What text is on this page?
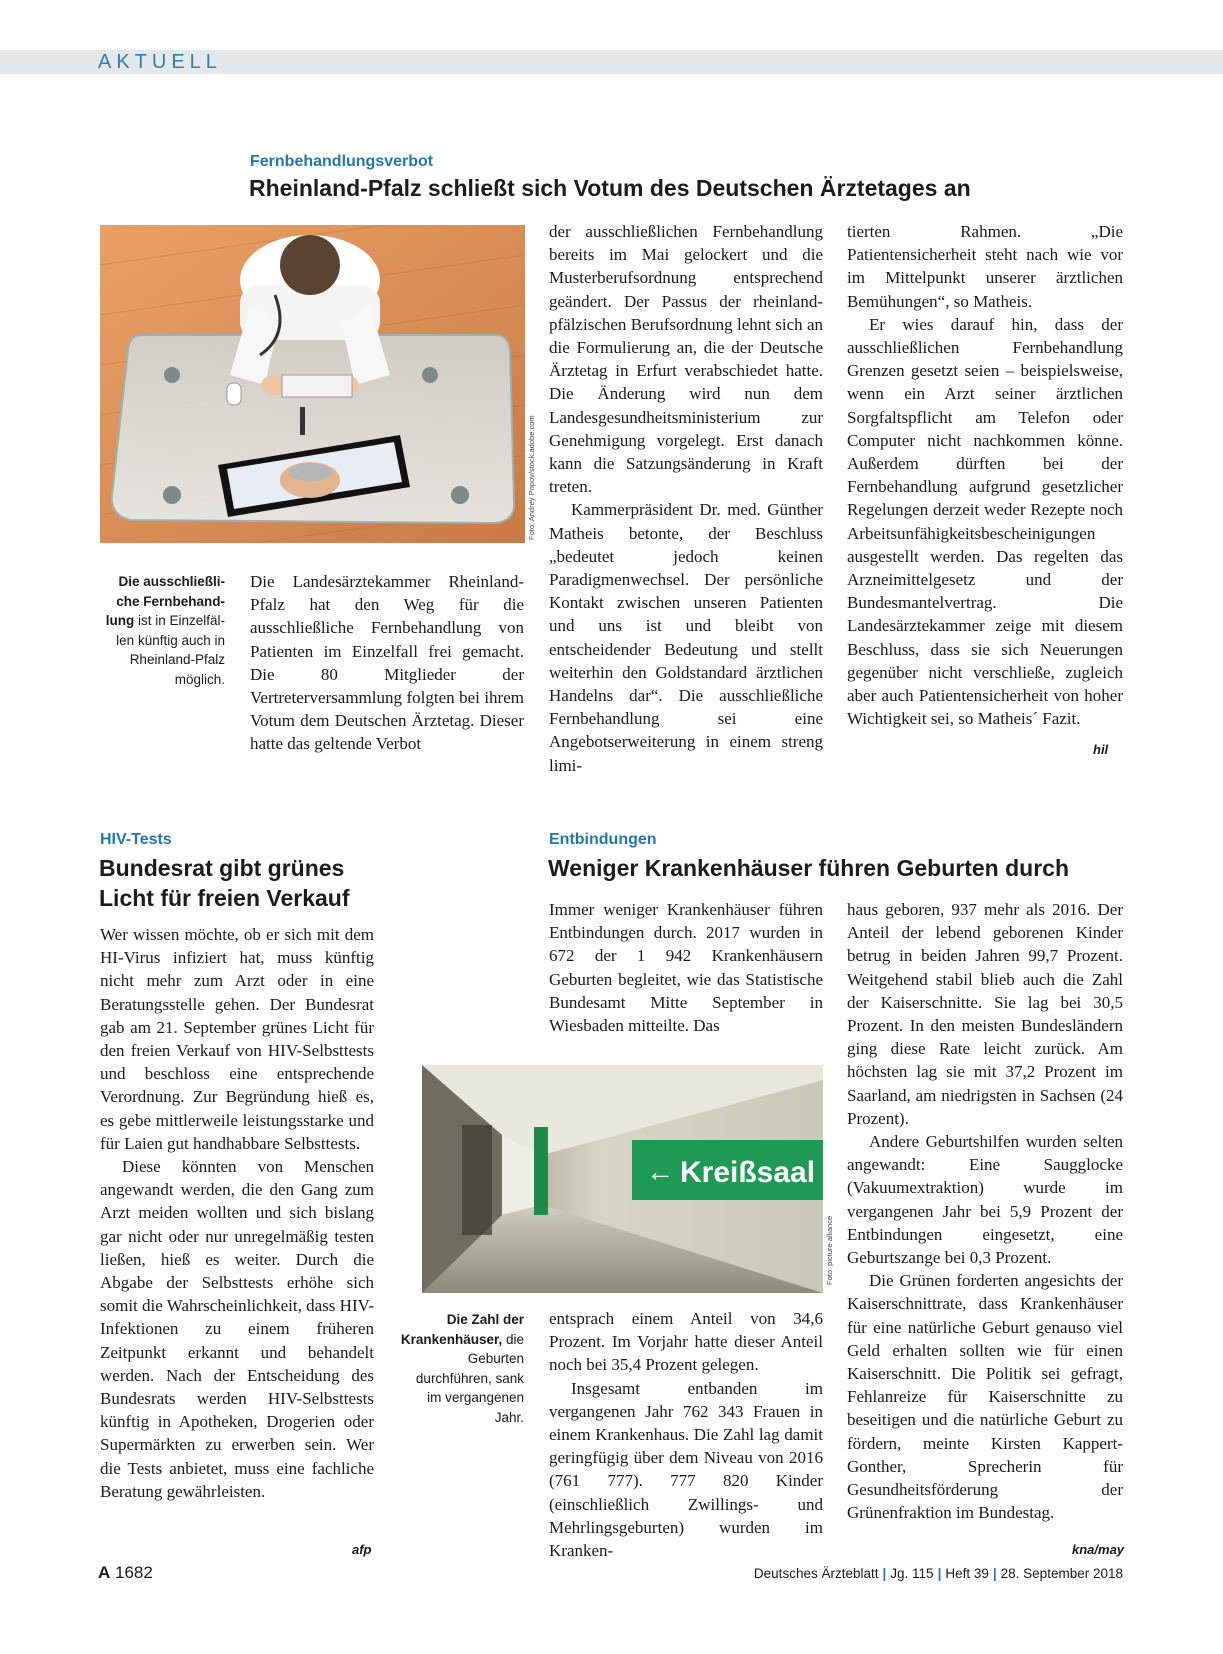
AKTUELL
Fernbehandlungsverbot
Rheinland-Pfalz schließt sich Votum des Deutschen Ärztetages an
Foto: Andrey Popov/stock.adobe.com
Die ausschließli-che Fernbehand-lung ist in Einzelfäl-len künftig auch in Rheinland-Pfalz möglich.

Die Landesärztekammer Rheinland-Pfalz hat den Weg für die ausschließliche Fernbehandlung von Patienten im Einzelfall frei gemacht. Die 80 Mitglieder der Vertreterversammlung folgten bei ihrem Votum dem Deutschen Ärztetag. Dieser hatte das geltende Verbot

der ausschließlichen Fernbehandlung bereits im Mai gelockert und die Musterberufsordnung entsprechend geändert. Der Passus der rheinland-pfälzischen Berufsordnung lehnt sich an die Formulierung an, die der Deutsche Ärztetag in Erfurt verabschiedet hatte. Die Änderung wird nun dem Landesgesundheitsministerium zur Genehmigung vorgelegt. Erst danach kann die Satzungsänderung in Kraft treten.

Kammerpräsident Dr. med. Günther Matheis betonte, der Beschluss „bedeutet jedoch keinen Paradigmenwechsel. Der persönliche Kontakt zwischen unseren Patienten und uns ist und bleibt von entscheidender Bedeutung und stellt weiterhin den Goldstandard ärztlichen Handelns dar“. Die ausschließliche Fernbehandlung sei eine Angebotserweiterung in einem streng limi-

tierten Rahmen. „Die Patientensicherheit steht nach wie vor im Mittelpunkt unserer ärztlichen Bemühungen“, so Matheis.

Er wies darauf hin, dass der ausschließlichen Fernbehandlung Grenzen gesetzt seien – beispielsweise, wenn ein Arzt seiner ärztlichen Sorgfaltspflicht am Telefon oder Computer nicht nachkommen könne. Außerdem dürften bei der Fernbehandlung aufgrund gesetzlicher Regelungen derzeit weder Rezepte noch Arbeitsunfähigkeitsbescheinigungen ausgestellt werden. Das regelten das Arzneimittelgesetz und der Bundesmantelvertrag. Die Landesärztekammer zeige mit diesem Beschluss, dass sie sich Neuerungen gegenüber nicht verschließe, zugleich aber auch Patientensicherheit von hoher Wichtigkeit sei, so Matheis´ Fazit.

hil
HIV-Tests
Bundesrat gibt grünes
Licht für freien Verkauf

Wer wissen möchte, ob er sich mit dem HI-Virus infiziert hat, muss künftig nicht mehr zum Arzt oder in eine Beratungsstelle gehen. Der Bundesrat gab am 21. September grünes Licht für den freien Verkauf von HIV-Selbsttests und beschloss eine entsprechende Verordnung. Zur Begründung hieß es, es gebe mittlerweile leistungsstarke und für Laien gut handhabbare Selbsttests.

Diese könnten von Menschen angewandt werden, die den Gang zum Arzt meiden wollten und sich bislang gar nicht oder nur unregelmäßig testen ließen, hieß es weiter. Durch die Abgabe der Selbsttests erhöhe sich somit die Wahrscheinlichkeit, dass HIV-Infektionen zu einem früheren Zeitpunkt erkannt und behandelt werden. Nach der Entscheidung des Bundesrats werden HIV-Selbsttests künftig in Apotheken, Drogerien oder Supermärkten zu erwerben sein. Wer die Tests anbietet, muss eine fachliche Beratung gewährleisten.

afp
Entbindungen
Weniger Krankenhäuser führen Geburten durch

Immer weniger Krankenhäuser führen Entbindungen durch. 2017 wurden in 672 der 1 942 Krankenhäusern Geburten begleitet, wie das Statistische Bundesamt Mitte September in Wiesbaden mitteilte. Das

← Kreißsaal
Foto: picture alliance
Die Zahl der Krankenhäuser, die Geburten durchführen, sank im vergangenen Jahr.

entsprach einem Anteil von 34,6 Prozent. Im Vorjahr hatte dieser Anteil noch bei 35,4 Prozent gelegen.

Insgesamt entbanden im vergangenen Jahr 762 343 Frauen in einem Krankenhaus. Die Zahl lag damit geringfügig über dem Niveau von 2016 (761 777). 777 820 Kinder (einschließlich Zwillings- und Mehrlingsgeburten) wurden im Kranken-

haus geboren, 937 mehr als 2016. Der Anteil der lebend geborenen Kinder betrug in beiden Jahren 99,7 Prozent. Weitgehend stabil blieb auch die Zahl der Kaiserschnitte. Sie lag bei 30,5 Prozent. In den meisten Bundesländern ging diese Rate leicht zurück. Am höchsten lag sie mit 37,2 Prozent im Saarland, am niedrigsten in Sachsen (24 Prozent).

Andere Geburtshilfen wurden selten angewandt: Eine Saugglocke (Vakuumextraktion) wurde im vergangenen Jahr bei 5,9 Prozent der Entbindungen eingesetzt, eine Geburtszange bei 0,3 Prozent.

Die Grünen forderten angesichts der Kaiserschnittrate, dass Krankenhäuser für eine natürliche Geburt genauso viel Geld erhalten sollten wie für einen Kaiserschnitt. Die Politik sei gefragt, Fehlanreize für Kaiserschnitte zu beseitigen und die natürliche Geburt zu fördern, meinte Kirsten Kappert-Gonther, Sprecherin für Gesundheitsförderung der Grünenfraktion im Bundestag.

kna/may
A 1682	Deutsches Ärzteblatt | Jg. 115 | Heft 39 | 28. September 2018
